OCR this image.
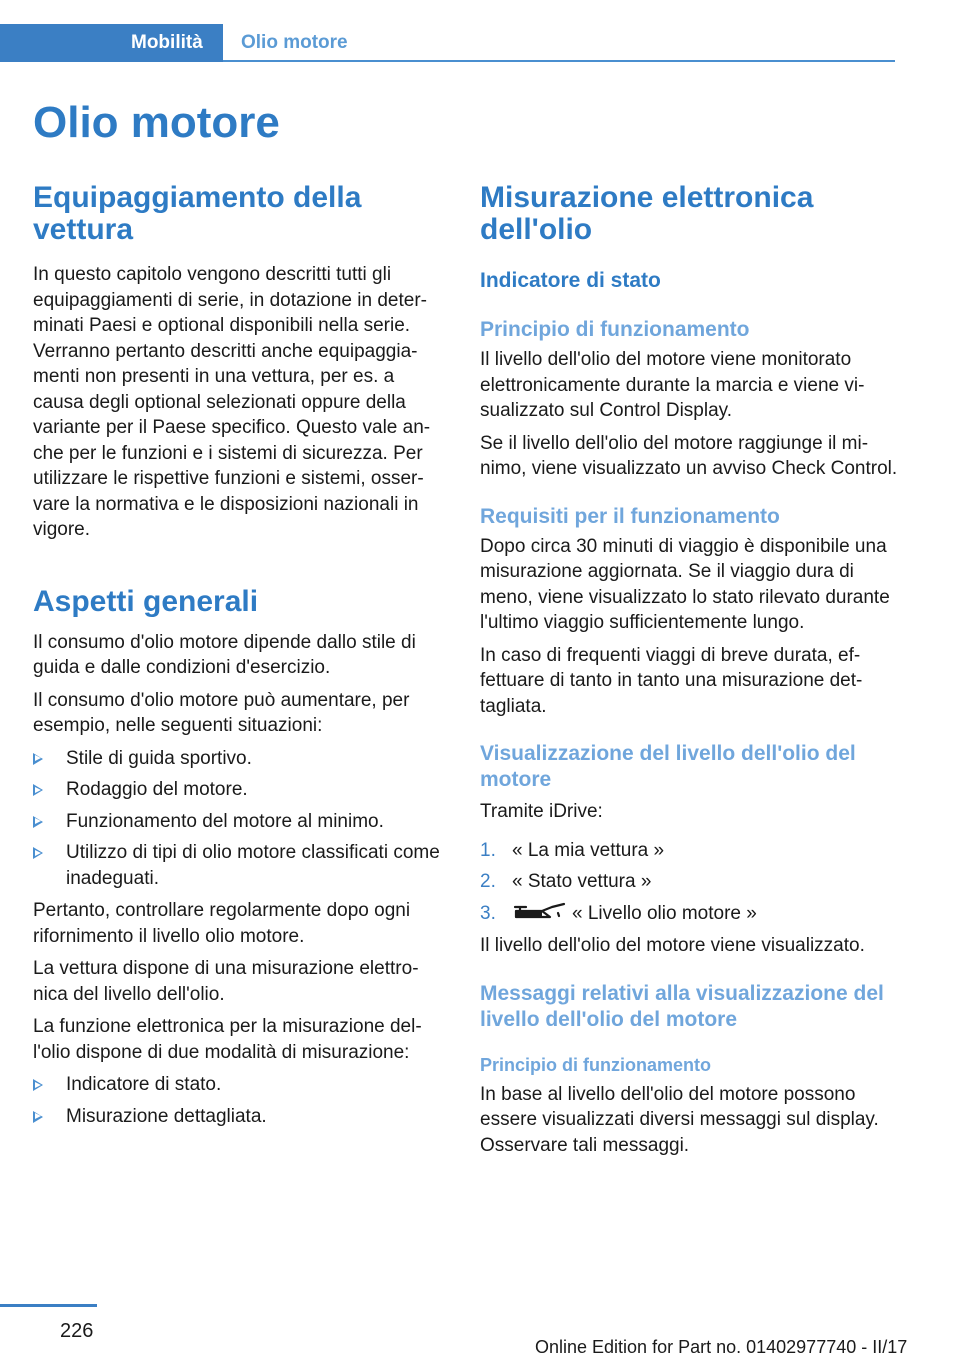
Mobilità	Olio motore
Olio motore
Equipaggiamento della vettura

In questo capitolo vengono descritti tutti gli equipaggiamenti di serie, in dotazione in determinati Paesi e optional disponibili nella serie. Verranno pertanto descritti anche equipaggiamenti non presenti in una vettura, per es. a causa degli optional selezionati oppure della variante per il Paese specifico. Questo vale anche per le funzioni e i sistemi di sicurezza. Per utilizzare le rispettive funzioni e sistemi, osservare la normativa e le disposizioni nazionali in vigore.

Aspetti generali

Il consumo d'olio motore dipende dallo stile di guida e dalle condizioni d'esercizio.

Il consumo d'olio motore può aumentare, per esempio, nelle seguenti situazioni:

Stile di guida sportivo.
Rodaggio del motore.
Funzionamento del motore al minimo.
Utilizzo di tipi di olio motore classificati come inadeguati.

Pertanto, controllare regolarmente dopo ogni rifornimento il livello olio motore.

La vettura dispone di una misurazione elettronica del livello dell'olio.

La funzione elettronica per la misurazione dell'olio dispone di due modalità di misurazione:

Indicatore di stato.
Misurazione dettagliata.
Misurazione elettronica dell'olio
Indicatore di stato
Principio di funzionamento

Il livello dell'olio del motore viene monitorato elettronicamente durante la marcia e viene visualizzato sul Control Display.

Se il livello dell'olio del motore raggiunge il minimo, viene visualizzato un avviso Check Control.

Requisiti per il funzionamento

Dopo circa 30 minuti di viaggio è disponibile una misurazione aggiornata. Se il viaggio dura di meno, viene visualizzato lo stato rilevato durante l'ultimo viaggio sufficientemente lungo.

In caso di frequenti viaggi di breve durata, effettuare di tanto in tanto una misurazione dettagliata.

Visualizzazione del livello dell'olio del motore

Tramite iDrive:

1. « La mia vettura »
2. « Stato vettura »
3.	« Livello olio motore »

Il livello dell'olio del motore viene visualizzato.

Messaggi relativi alla visualizzazione del livello dell'olio del motore
Principio di funzionamento

In base al livello dell'olio del motore possono essere visualizzati diversi messaggi sul display. Osservare tali messaggi.

226
Online Edition for Part no. 01402977740 - II/17
